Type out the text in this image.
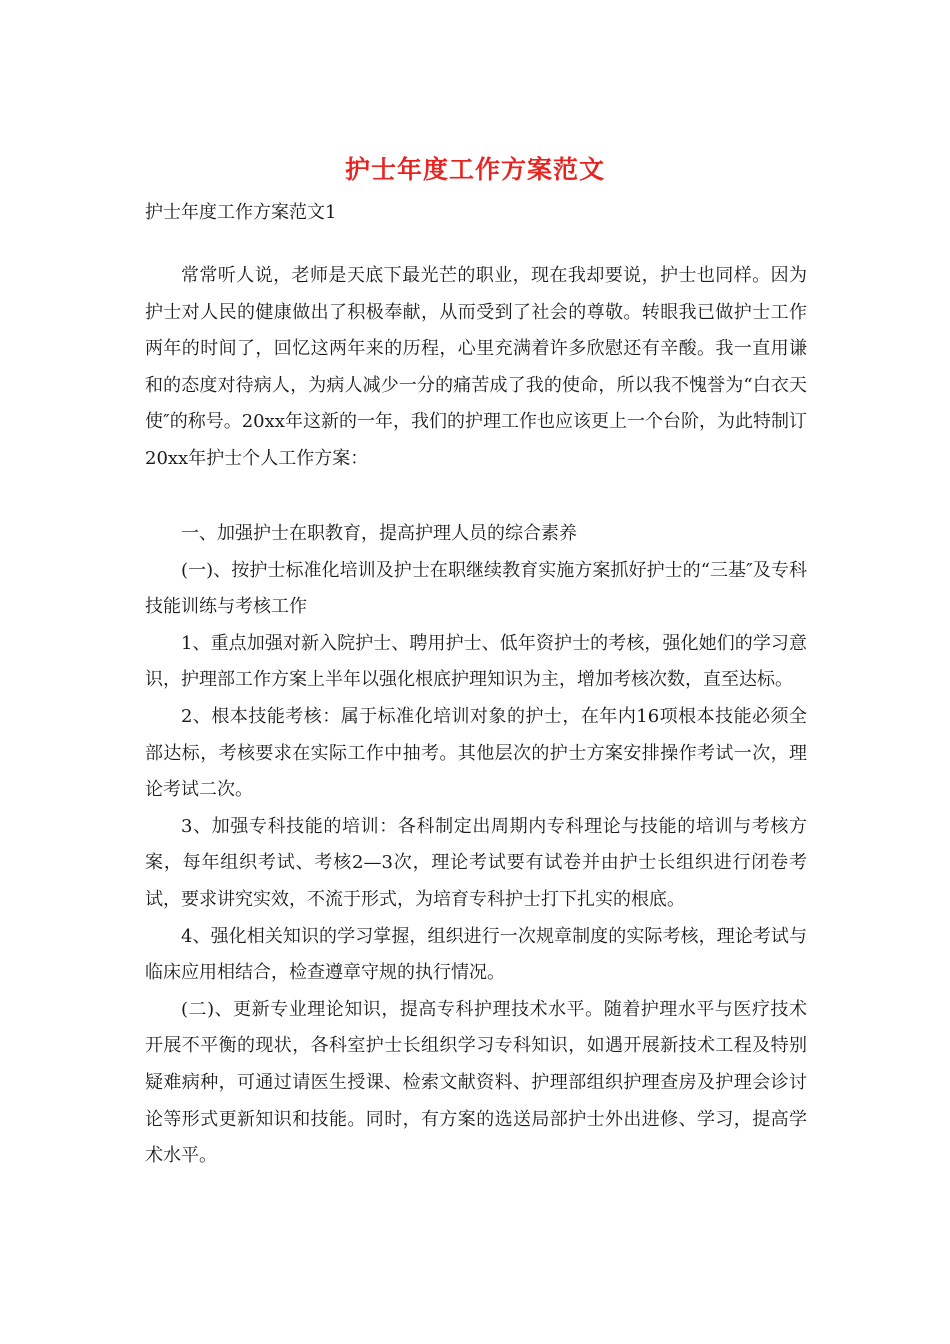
护士年度工作方案范文
护士年度工作方案范文1

常常听人说，老师是天底下最光芒的职业，现在我却要说，护士也同样。因为护士对人民的健康做出了积极奉献，从而受到了社会的尊敬。转眼我已做护士工作两年的时间了，回忆这两年来的历程，心里充满着许多欣慰还有辛酸。我一直用谦和的态度对待病人，为病人减少一分的痛苦成了我的使命，所以我不愧誉为“白衣天使″的称号。20xx年这新的一年，我们的护理工作也应该更上一个台阶，为此特制订20xx年护士个人工作方案：

一、加强护士在职教育，提高护理人员的综合素养

(一)、按护士标准化培训及护士在职继续教育实施方案抓好护士的“三基″及专科技能训练与考核工作

1、重点加强对新入院护士、聘用护士、低年资护士的考核，强化她们的学习意识，护理部工作方案上半年以强化根底护理知识为主，增加考核次数，直至达标。

2、根本技能考核：属于标准化培训对象的护士，在年内16项根本技能必须全部达标，考核要求在实际工作中抽考。其他层次的护士方案安排操作考试一次，理论考试二次。

3、加强专科技能的培训：各科制定出周期内专科理论与技能的培训与考核方案，每年组织考试、考核2—3次，理论考试要有试卷并由护士长组织进行闭卷考试，要求讲究实效，不流于形式，为培育专科护士打下扎实的根底。

4、强化相关知识的学习掌握，组织进行一次规章制度的实际考核，理论考试与临床应用相结合，检查遵章守规的执行情况。

(二)、更新专业理论知识，提高专科护理技术水平。随着护理水平与医疗技术开展不平衡的现状，各科室护士长组织学习专科知识，如遇开展新技术工程及特别疑难病种，可通过请医生授课、检索文献资料、护理部组织护理查房及护理会诊讨论等形式更新知识和技能。同时，有方案的选送局部护士外出进修、学习，提高学术水平。
